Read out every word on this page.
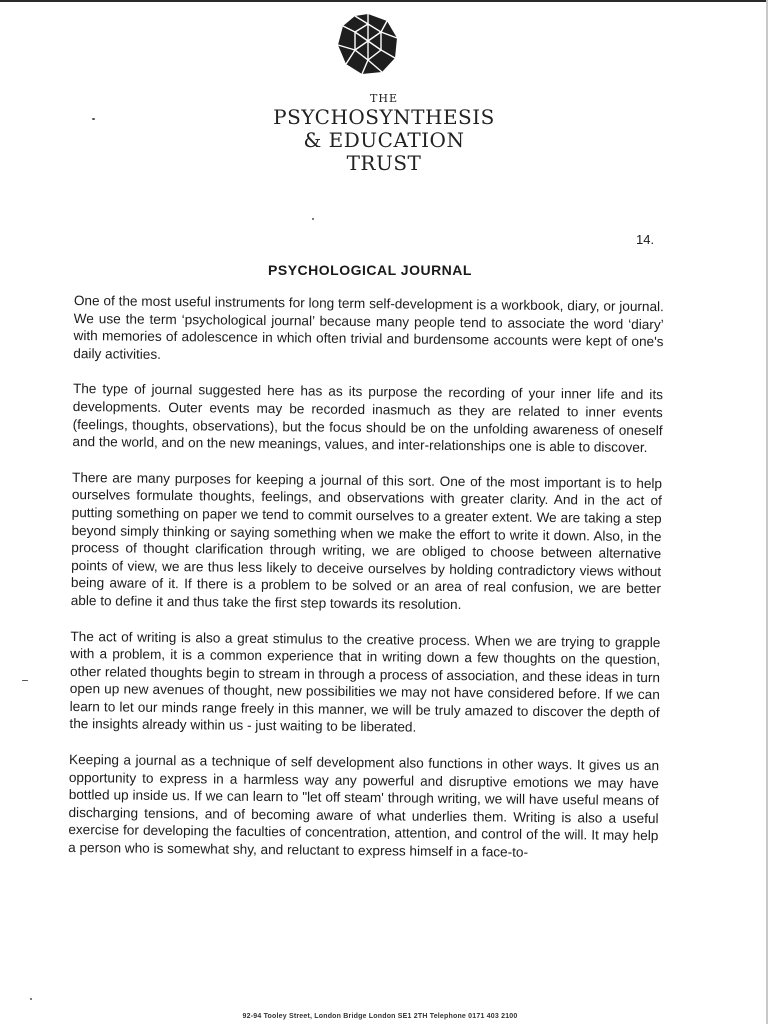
THE
PSYCHOSYNTHESIS
& EDUCATION
TRUST
14.
PSYCHOLOGICAL JOURNAL

One of the most useful instruments for long term self-development is a workbook, diary, or journal. We use the term ‘psychological journal’ because many people tend to associate the word ‘diary’ with memories of adolescence in which often trivial and burdensome accounts were kept of one's daily activities.

The type of journal suggested here has as its purpose the recording of your inner life and its developments. Outer events may be recorded inasmuch as they are related to inner events (feelings, thoughts, observations), but the focus should be on the unfolding awareness of oneself and the world, and on the new meanings, values, and inter-relationships one is able to discover.

There are many purposes for keeping a journal of this sort. One of the most important is to help ourselves formulate thoughts, feelings, and observations with greater clarity. And in the act of putting something on paper we tend to commit ourselves to a greater extent. We are taking a step beyond simply thinking or saying something when we make the effort to write it down. Also, in the process of thought clarification through writing, we are obliged to choose between alternative points of view, we are thus less likely to deceive ourselves by holding contradictory views without being aware of it. If there is a problem to be solved or an area of real confusion, we are better able to define it and thus take the first step towards its resolution.

The act of writing is also a great stimulus to the creative process. When we are trying to grapple with a problem, it is a common experience that in writing down a few thoughts on the question, other related thoughts begin to stream in through a process of association, and these ideas in turn open up new avenues of thought, new possibilities we may not have considered before. If we can learn to let our minds range freely in this manner, we will be truly amazed to discover the depth of the insights already within us - just waiting to be liberated.

Keeping a journal as a technique of self development also functions in other ways. It gives us an opportunity to express in a harmless way any powerful and disruptive emotions we may have bottled up inside us. If we can learn to "let off steam' through writing, we will have useful means of discharging tensions, and of becoming aware of what underlies them. Writing is also a useful exercise for developing the faculties of concentration, attention, and control of the will. It may help a person who is somewhat shy, and reluctant to express himself in a face-to-

92-94 Tooley Street, London Bridge London SE1 2TH Telephone 0171 403 2100
